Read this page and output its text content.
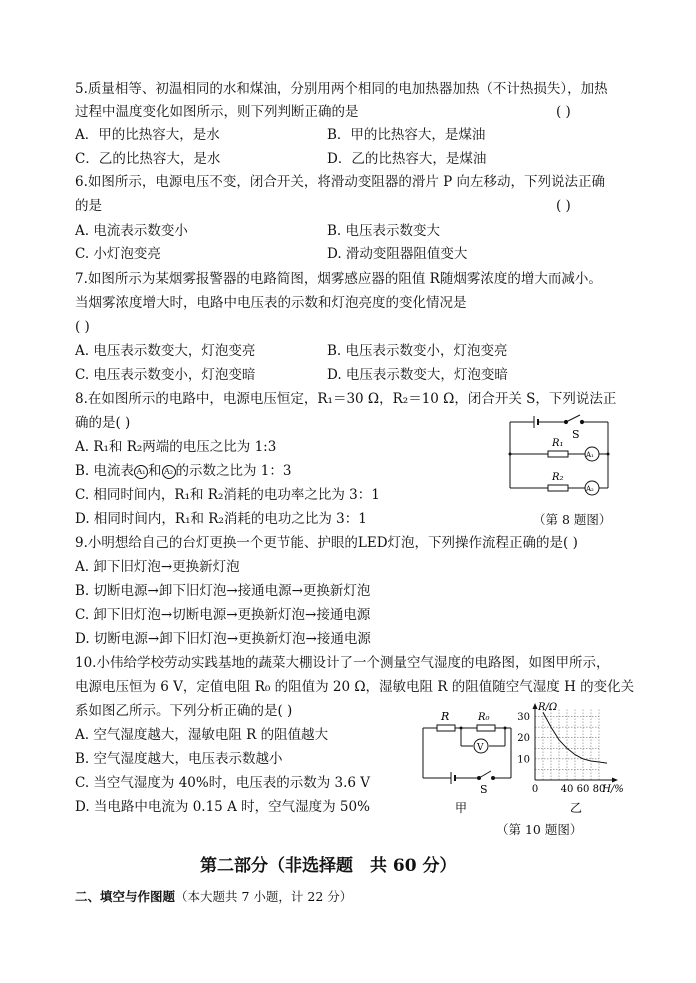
5.质量相等、初温相同的水和煤油，分别用两个相同的电加热器加热（不计热损失），加热
过程中温度变化如图所示，则下列判断正确的是	( )
A．甲的比热容大，是水	B．甲的比热容大，是煤油
C．乙的比热容大，是水	D．乙的比热容大，是煤油
6.如图所示，电源电压不变，闭合开关，将滑动变阻器的滑片 P 向左移动，下列说法正确
的是	( )
A. 电流表示数变小	B. 电压表示数变大
C. 小灯泡变亮	D. 滑动变阻器阻值变大
7.如图所示为某烟雾报警器的电路简图，烟雾感应器的阻值 R随烟雾浓度的增大而减小。
当烟雾浓度增大时，电路中电压表的示数和灯泡亮度的变化情况是
( )
A. 电压表示数变大，灯泡变亮	B. 电压表示数变小，灯泡变亮
C. 电压表示数变小，灯泡变暗	D. 电压表示数变大，灯泡变暗
8.在如图所示的电路中，电源电压恒定，R₁＝30 Ω，R₂＝10 Ω，闭合开关 S，下列说法正
确的是( )
A. R₁和 R₂两端的电压之比为 1:3
B. 电流表 A₁ 和 A₂ 的示数之比为 1：3
C. 相同时间内，R₁和 R₂消耗的电功率之比为 3：1
D. 相同时间内，R₁和 R₂消耗的电功之比为 3：1
S
R₁
R₂
A₁
A₂
（第 8 题图）
9.小明想给自己的台灯更换一个更节能、护眼的LED灯泡，下列操作流程正确的是( )
A. 卸下旧灯泡→更换新灯泡
B. 切断电源→卸下旧灯泡→接通电源→更换新灯泡
C. 卸下旧灯泡→切断电源→更换新灯泡→接通电源
D. 切断电源→卸下旧灯泡→更换新灯泡→接通电源
10.小伟给学校劳动实践基地的蔬菜大棚设计了一个测量空气湿度的电路图，如图甲所示，
电源电压恒为 6 V，定值电阻 R₀ 的阻值为 20 Ω，湿敏电阻 R 的阻值随空气湿度 H 的变化关
系如图乙所示。下列分析正确的是( )
A. 空气湿度越大，湿敏电阻 R 的阻值越大
B. 空气湿度越大，电压表示数越小
C. 当空气湿度为 40%时，电压表的示数为 3.6 V
D. 当电路中电流为 0.15 A 时，空气湿度为 50%
R	R₀
V
S
甲
0 40 60 80
10
20
30
R/Ω
H/%
乙
（第 10 题图）
第二部分（非选择题　共 60 分）
二、填空与作图题（本大题共 7 小题，计 22 分）
